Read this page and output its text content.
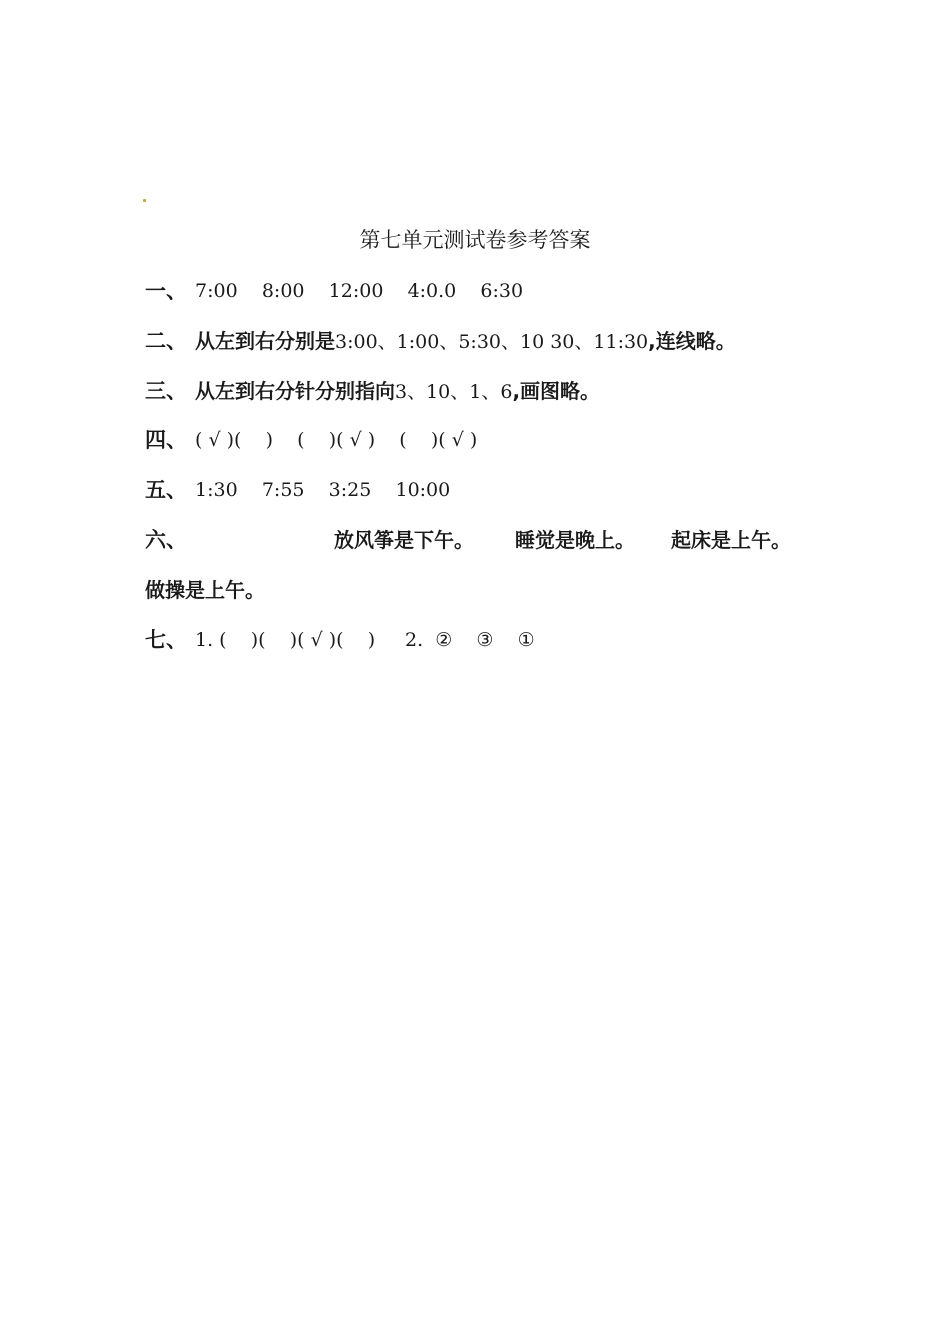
第七单元测试卷参考答案
一、 7:00    8:00    12:00    4:0.0    6:30
二、 从左到右分别是3:00、1:00、5:30、10 30、11:30,连线略。
三、 从左到右分针分别指向3、10、1、6,画图略。
四、 ( √ )(    )    (    )( √ )    (    )( √ )
五、 1:30    7:55    3:25    10:00
六、	放风筝是下午。 睡觉是晚上。 起床是上午。
做操是上午。
七、 1. (    )(    )( √ )(    ) 2.  ②    ③    ①
